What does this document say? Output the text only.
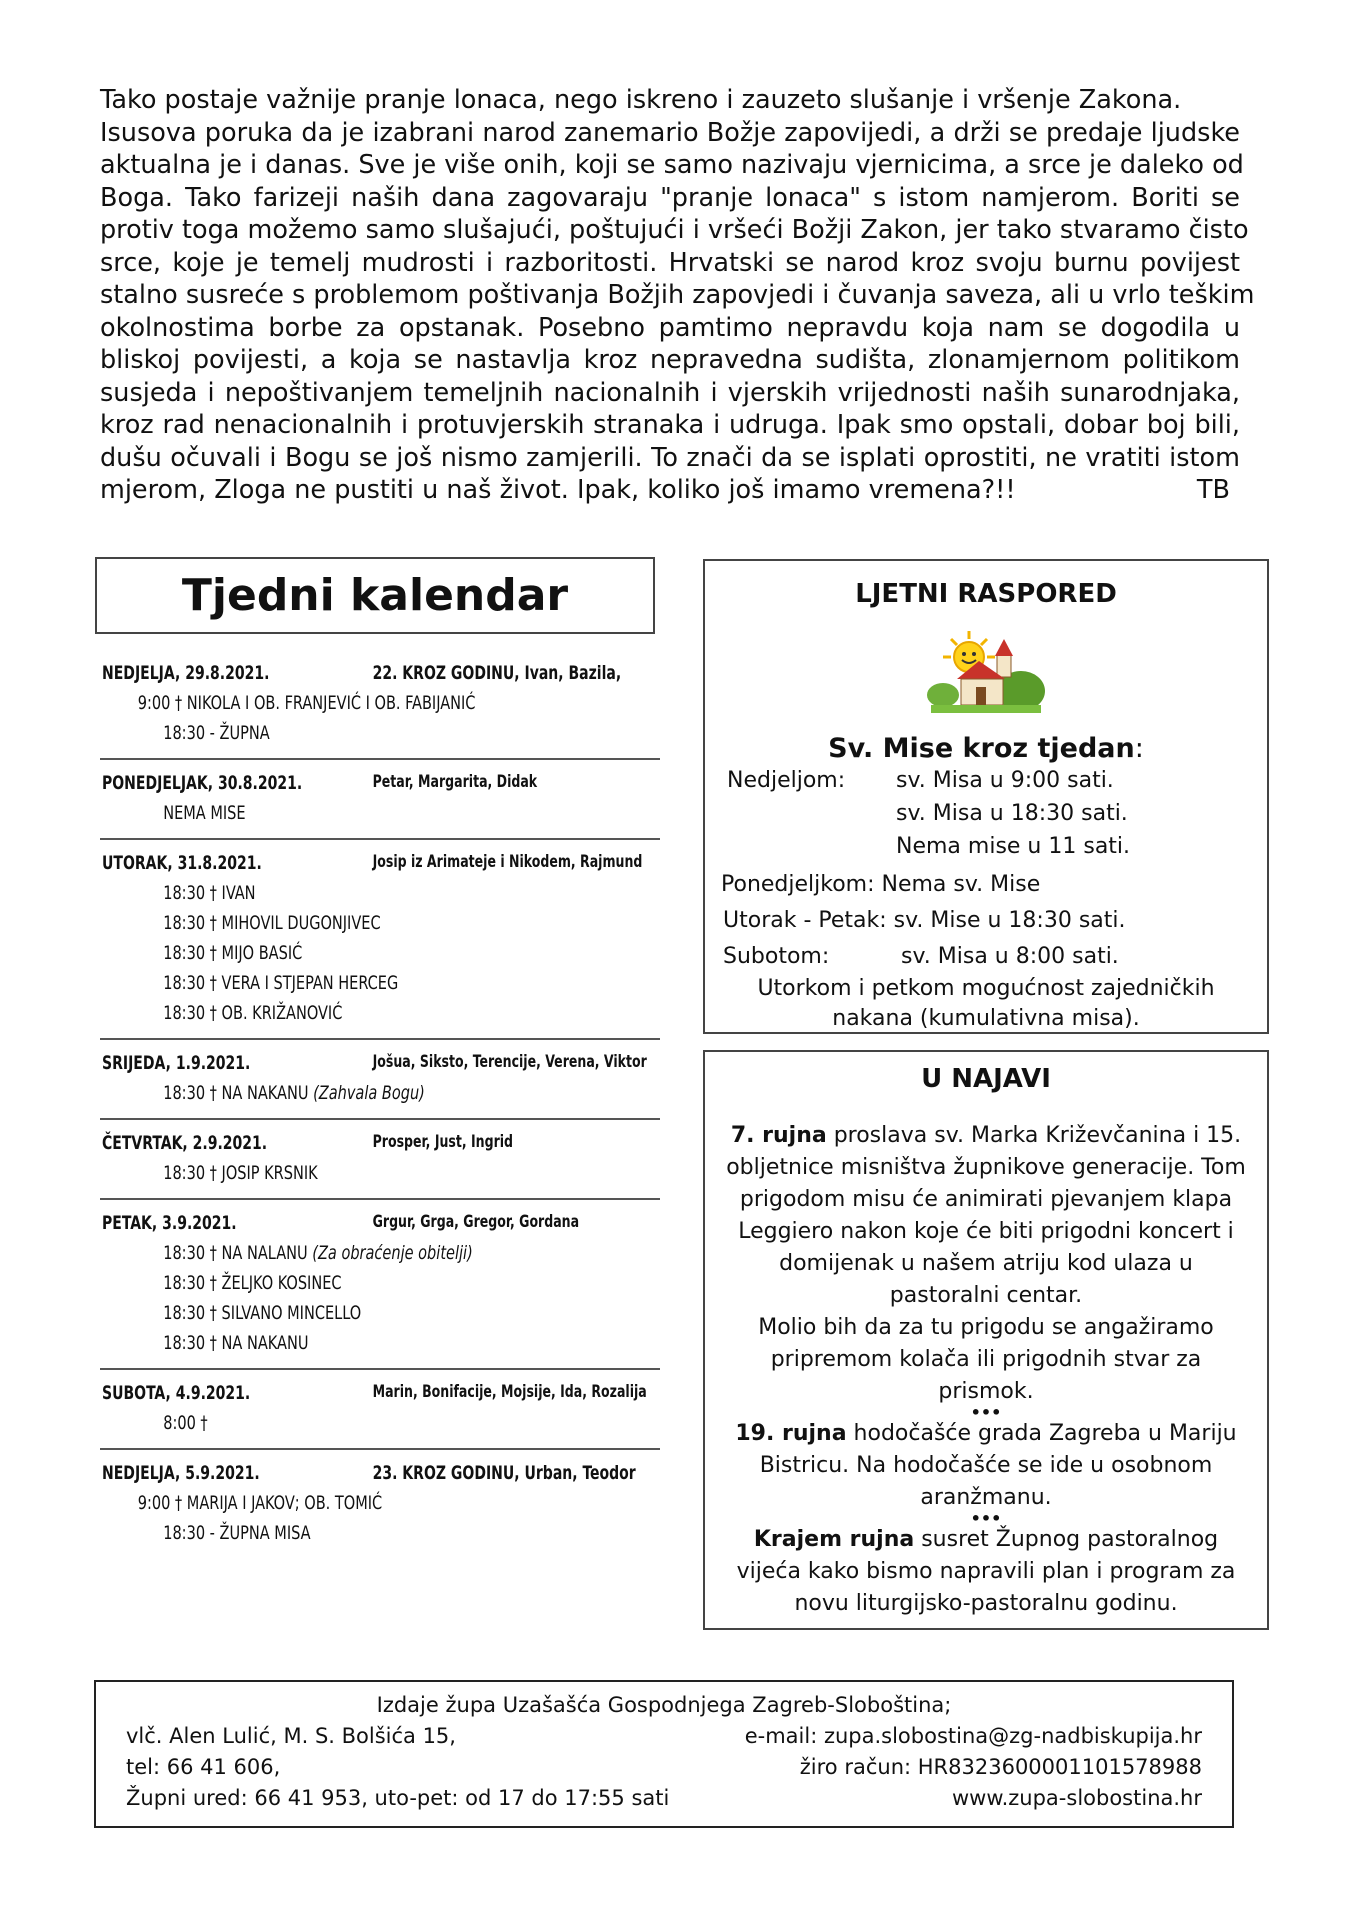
Tako postaje važnije pranje lonaca, nego iskreno i zauzeto slušanje i vršenje Zakona.
Isusova poruka da je izabrani narod zanemario Božje zapovijedi, a drži se predaje ljudske
aktualna je i danas. Sve je više onih, koji se samo nazivaju vjernicima, a srce je daleko od
Boga. Tako farizeji naših dana zagovaraju "pranje lonaca" s istom namjerom. Boriti se
protiv toga možemo samo slušajući, poštujući i vršeći Božji Zakon, jer tako stvaramo čisto
srce, koje je temelj mudrosti i razboritosti. Hrvatski se narod kroz svoju burnu povijest
stalno susreće s problemom poštivanja Božjih zapovjedi i čuvanja saveza, ali u vrlo teškim
okolnostima borbe za opstanak. Posebno pamtimo nepravdu koja nam se dogodila u
bliskoj povijesti, a koja se nastavlja kroz nepravedna sudišta, zlonamjernom politikom
susjeda i nepoštivanjem temeljnih nacionalnih i vjerskih vrijednosti naših sunarodnjaka,
kroz rad nenacionalnih i protuvjerskih stranaka i udruga. Ipak smo opstali, dobar boj bili,
dušu očuvali i Bogu se još nismo zamjerili. To znači da se isplati oprostiti, ne vratiti istom
mjerom, Zloga ne pustiti u naš život. Ipak, koliko još imamo vremena?!!	TB
Tjedni kalendar
NEDJELJA, 29.8.2021.	22. KROZ GODINU, Ivan, Bazila,
9:00 † NIKOLA I OB. FRANJEVIĆ I OB. FABIJANIĆ
18:30 - ŽUPNA
PONEDJELJAK, 30.8.2021.	Petar, Margarita, Didak
NEMA MISE
UTORAK, 31.8.2021.	Josip iz Arimateje i Nikodem, Rajmund
18:30 † IVAN
18:30 † MIHOVIL DUGONJIVEC
18:30 † MIJO BASIĆ
18:30 † VERA I STJEPAN HERCEG
18:30 † OB. KRIŽANOVIĆ
SRIJEDA, 1.9.2021.	Jošua, Siksto, Terencije, Verena, Viktor
18:30 † NA NAKANU (Zahvala Bogu)
ČETVRTAK, 2.9.2021.	Prosper, Just, Ingrid
18:30 † JOSIP KRSNIK
PETAK, 3.9.2021.	Grgur, Grga, Gregor, Gordana
18:30 † NA NALANU (Za obraćenje obitelji)
18:30 † ŽELJKO KOSINEC
18:30 † SILVANO MINCELLO
18:30 † NA NAKANU
SUBOTA, 4.9.2021.	Marin, Bonifacije, Mojsije, Ida, Rozalija
8:00 †
NEDJELJA, 5.9.2021.	23. KROZ GODINU, Urban, Teodor
9:00 † MARIJA I JAKOV; OB. TOMIĆ
18:30 - ŽUPNA MISA
LJETNI RASPORED
Sv. Mise kroz tjedan:
Nedjeljom: sv. Misa u 9:00 sati.
sv. Misa u 18:30 sati.
Nema mise u 11 sati.
Ponedjeljkom: Nema sv. Mise
Utorak - Petak: sv. Mise u 18:30 sati.
Subotom:	sv. Misa u 8:00 sati.
Utorkom i petkom mogućnost zajedničkih
nakana (kumulativna misa).
U NAJAVI
7. rujna proslava sv. Marka Križevčanina i 15. obljetnice misništva župnikove generacije. Tom prigodom misu će animirati pjevanjem klapa Leggiero nakon koje će biti prigodni koncert i domijenak u našem atriju kod ulaza u pastoralni centar.
Molio bih da za tu prigodu se angažiramo pripremom kolača ili prigodnih stvar za prismok.
•••
19. rujna hodočašće grada Zagreba u Mariju Bistricu. Na hodočašće se ide u osobnom aranžmanu.
•••
Krajem rujna susret Župnog pastoralnog vijeća kako bismo napravili plan i program za novu liturgijsko-pastoralnu godinu.
Izdaje župa Uzašašća Gospodnjega Zagreb-Sloboština;
vlč. Alen Lulić, M. S. Bolšića 15,	e-mail: zupa.slobostina@zg-nadbiskupija.hr
tel: 66 41 606,	žiro račun: HR8323600001101578988
Župni ured: 66 41 953, uto-pet: od 17 do 17:55 sati	www.zupa-slobostina.hr
